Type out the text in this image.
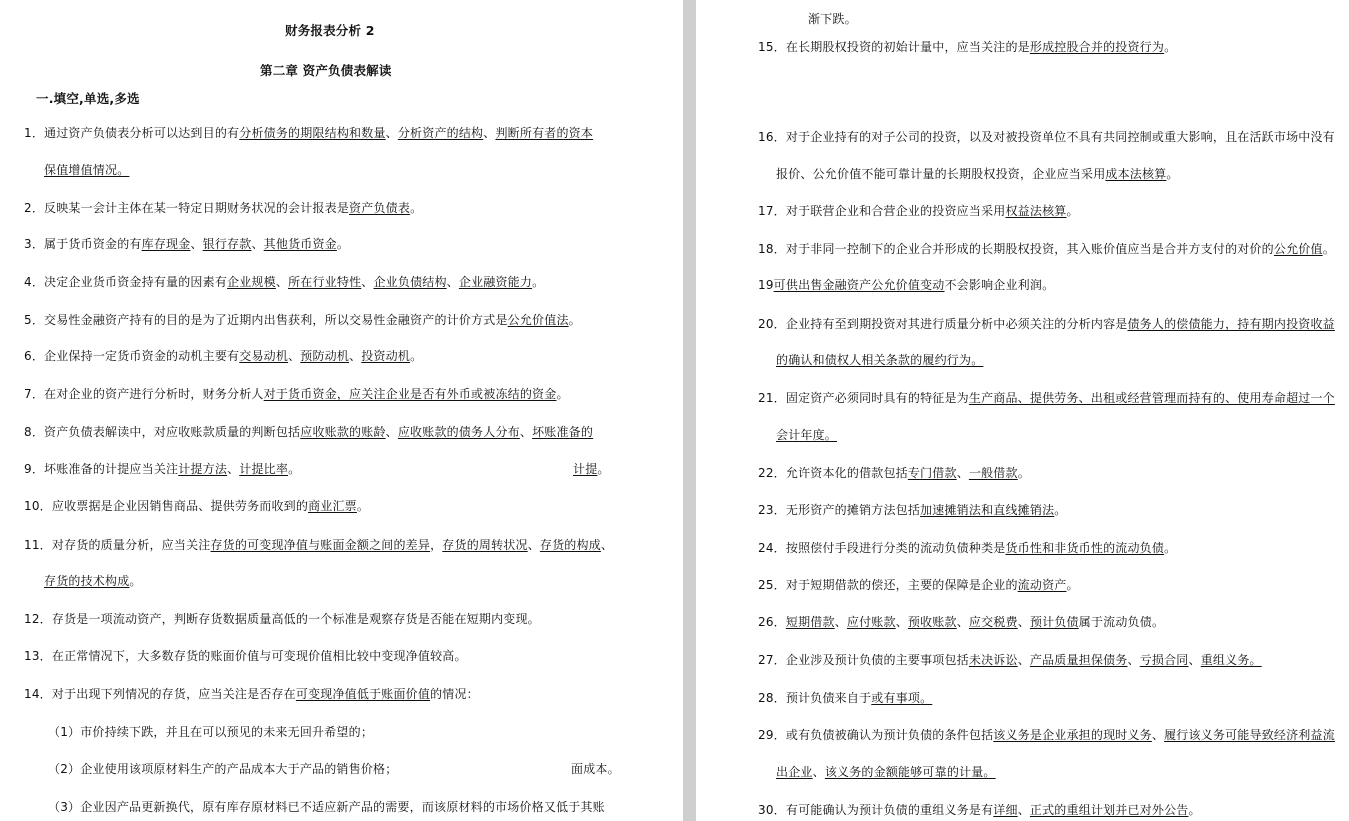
财务报表分析 2
第二章 资产负债表解读
一.填空,单选,多选
1．通过资产负债表分析可以达到目的有分析债务的期限结构和数量、分析资产的结构、判断所有者的资本
保值增值情况。
2．反映某一会计主体在某一特定日期财务状况的会计报表是资产负债表。
3．属于货币资金的有库存现金、银行存款、其他货币资金。
4．决定企业货币资金持有量的因素有企业规模、所在行业特性、企业负债结构、企业融资能力。
5．交易性金融资产持有的目的是为了近期内出售获利，所以交易性金融资产的计价方式是公允价值法。
6．企业保持一定货币资金的动机主要有交易动机、预防动机、投资动机。
7．在对企业的资产进行分析时，财务分析人对于货币资金，应关注企业是否有外币或被冻结的资金。
8．资产负债表解读中，对应收账款质量的判断包括应收账款的账龄、应收账款的债务人分布、坏账准备的
9．坏账准备的计提应当关注计提方法、计提比率。
10．应收票据是企业因销售商品、提供劳务而收到的商业汇票。
11．对存货的质量分析，应当关注存货的可变现净值与账面金额之间的差异，存货的周转状况、存货的构成、
存货的技术构成。
12．存货是一项流动资产，判断存货数据质量高低的一个标准是观察存货是否能在短期内变现。
13．在正常情况下，大多数存货的账面价值与可变现价值相比较中变现净值较高。
14．对于出现下列情况的存货，应当关注是否存在可变现净值低于账面价值的情况：
（1）市价持续下跌，并且在可以预见的未来无回升希望的；
（2）企业使用该项原材料生产的产品成本大于产品的销售价格；
（3）企业因产品更新换代，原有库存原材料已不适应新产品的需要，而该原材料的市场价格又低于其账
计提。
面成本。
渐下跌。
15．在长期股权投资的初始计量中，应当关注的是形成控股合并的投资行为。
16．对于企业持有的对子公司的投资，以及对被投资单位不具有共同控制或重大影响，且在活跃市场中没有
报价、公允价值不能可靠计量的长期股权投资，企业应当采用成本法核算。
17．对于联营企业和合营企业的投资应当采用权益法核算。
18．对于非同一控制下的企业合并形成的长期股权投资，其入账价值应当是合并方支付的对价的公允价值。
19可供出售金融资产公允价值变动不会影响企业利润。
20．企业持有至到期投资对其进行质量分析中必须关注的分析内容是债务人的偿债能力，持有期内投资收益
的确认和债权人相关条款的履约行为。
21．固定资产必须同时具有的特征是为生产商品、提供劳务、出租或经营管理而持有的、使用寿命超过一个
会计年度。
22．允许资本化的借款包括专门借款、一般借款。
23．无形资产的摊销方法包括加速摊销法和直线摊销法。
24．按照偿付手段进行分类的流动负债种类是货币性和非货币性的流动负债。
25．对于短期借款的偿还，主要的保障是企业的流动资产。
26．短期借款、应付账款、预收账款、应交税费、预计负债属于流动负债。
27．企业涉及预计负债的主要事项包括未决诉讼、产品质量担保债务、亏损合同、重组义务。
28．预计负债来自于或有事项。
29．或有负债被确认为预计负债的条件包括该义务是企业承担的现时义务、履行该义务可能导致经济利益流
出企业、该义务的金额能够可靠的计量。
30．有可能确认为预计负债的重组义务是有详细、正式的重组计划并已对外公告。
